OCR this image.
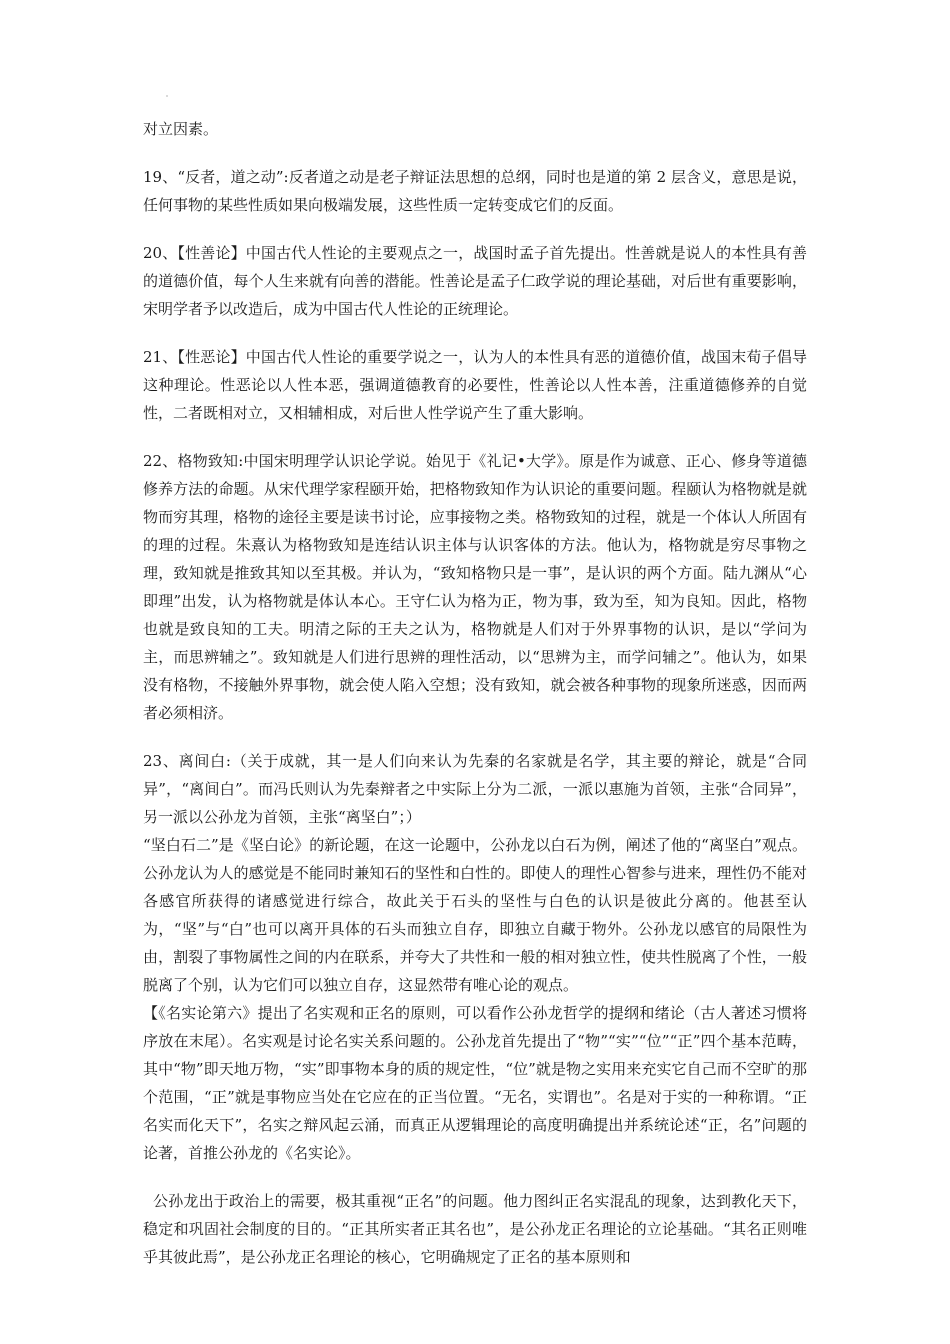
对立因素。

19、“反者，道之动”:反者道之动是老子辩证法思想的总纲，同时也是道的第 2 层含义，意思是说，任何事物的某些性质如果向极端发展，这些性质一定转变成它们的反面。

20、【性善论】中国古代人性论的主要观点之一，战国时孟子首先提出。性善就是说人的本性具有善的道德价值，每个人生来就有向善的潜能。性善论是孟子仁政学说的理论基础，对后世有重要影响，宋明学者予以改造后，成为中国古代人性论的正统理论。

21、【性恶论】中国古代人性论的重要学说之一，认为人的本性具有恶的道德价值，战国末荀子倡导这种理论。性恶论以人性本恶，强调道德教育的必要性，性善论以人性本善，注重道德修养的自觉性，二者既相对立，又相辅相成，对后世人性学说产生了重大影响。

22、格物致知:中国宋明理学认识论学说。始见于《礼记•大学》。原是作为诚意、正心、修身等道德修养方法的命题。从宋代理学家程颐开始，把格物致知作为认识论的重要问题。程颐认为格物就是就物而穷其理，格物的途径主要是读书讨论，应事接物之类。格物致知的过程，就是一个体认人所固有的理的过程。朱熹认为格物致知是连结认识主体与认识客体的方法。他认为，格物就是穷尽事物之理，致知就是推致其知以至其极。并认为，“致知格物只是一事”，是认识的两个方面。陆九渊从“心即理”出发，认为格物就是体认本心。王守仁认为格为正，物为事，致为至，知为良知。因此，格物也就是致良知的工夫。明清之际的王夫之认为，格物就是人们对于外界事物的认识，是以“学问为主，而思辨辅之”。致知就是人们进行思辨的理性活动，以“思辨为主，而学问辅之”。他认为，如果没有格物，不接触外界事物，就会使人陷入空想；没有致知，就会被各种事物的现象所迷惑，因而两者必须相济。

23、离间白:（关于成就，其一是人们向来认为先秦的名家就是名学，其主要的辩论，就是“合同异”，“离间白”。而冯氏则认为先秦辩者之中实际上分为二派，一派以惠施为首领，主张“合同异”，另一派以公孙龙为首领，主张“离坚白”；）

“坚白石二”是《坚白论》的新论题，在这一论题中，公孙龙以白石为例，阐述了他的“离坚白”观点。公孙龙认为人的感觉是不能同时兼知石的坚性和白性的。即使人的理性心智参与进来，理性仍不能对各感官所获得的诸感觉进行综合，故此关于石头的坚性与白色的认识是彼此分离的。他甚至认为，“坚”与“白”也可以离开具体的石头而独立自存，即独立自藏于物外。公孙龙以感官的局限性为由，割裂了事物属性之间的内在联系，并夸大了共性和一般的相对独立性，使共性脱离了个性，一般脱离了个别，认为它们可以独立自存，这显然带有唯心论的观点。

【《名实论第六》提出了名实观和正名的原则，可以看作公孙龙哲学的提纲和绪论（古人著述习惯将序放在末尾）。名实观是讨论名实关系问题的。公孙龙首先提出了“物”“实”“位”“正”四个基本范畴，其中“物”即天地万物，“实”即事物本身的质的规定性，“位”就是物之实用来充实它自己而不空旷的那个范围，“正”就是事物应当处在它应在的正当位置。“无名，实谓也”。名是对于实的一种称谓。“正名实而化天下”，名实之辩风起云涌，而真正从逻辑理论的高度明确提出并系统论述“正，名”问题的论著，首推公孙龙的《名实论》。

公孙龙出于政治上的需要，极其重视“正名”的问题。他力图纠正名实混乱的现象，达到教化天下，稳定和巩固社会制度的目的。“正其所实者正其名也”，是公孙龙正名理论的立论基础。“其名正则唯乎其彼此焉”，是公孙龙正名理论的核心，它明确规定了正名的基本原则和
